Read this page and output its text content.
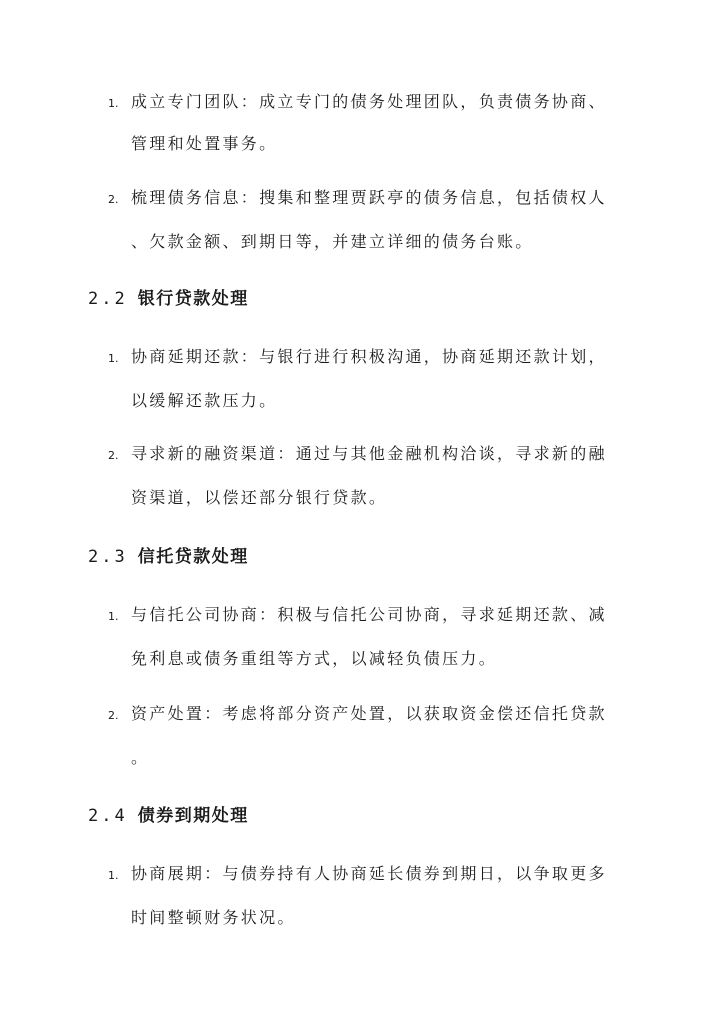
1. 成立专门团队：成立专门的债务处理团队，负责债务协商、
管理和处置事务。
2. 梳理债务信息：搜集和整理贾跃亭的债务信息，包括债权人
、欠款金额、到期日等，并建立详细的债务台账。
2.2 银行贷款处理
1. 协商延期还款：与银行进行积极沟通，协商延期还款计划，
以缓解还款压力。
2. 寻求新的融资渠道：通过与其他金融机构洽谈，寻求新的融
资渠道，以偿还部分银行贷款。
2.3 信托贷款处理
1. 与信托公司协商：积极与信托公司协商，寻求延期还款、减
免利息或债务重组等方式，以减轻负债压力。
2. 资产处置：考虑将部分资产处置，以获取资金偿还信托贷款
。
2.4 债券到期处理
1. 协商展期：与债券持有人协商延长债券到期日，以争取更多
时间整顿财务状况。
